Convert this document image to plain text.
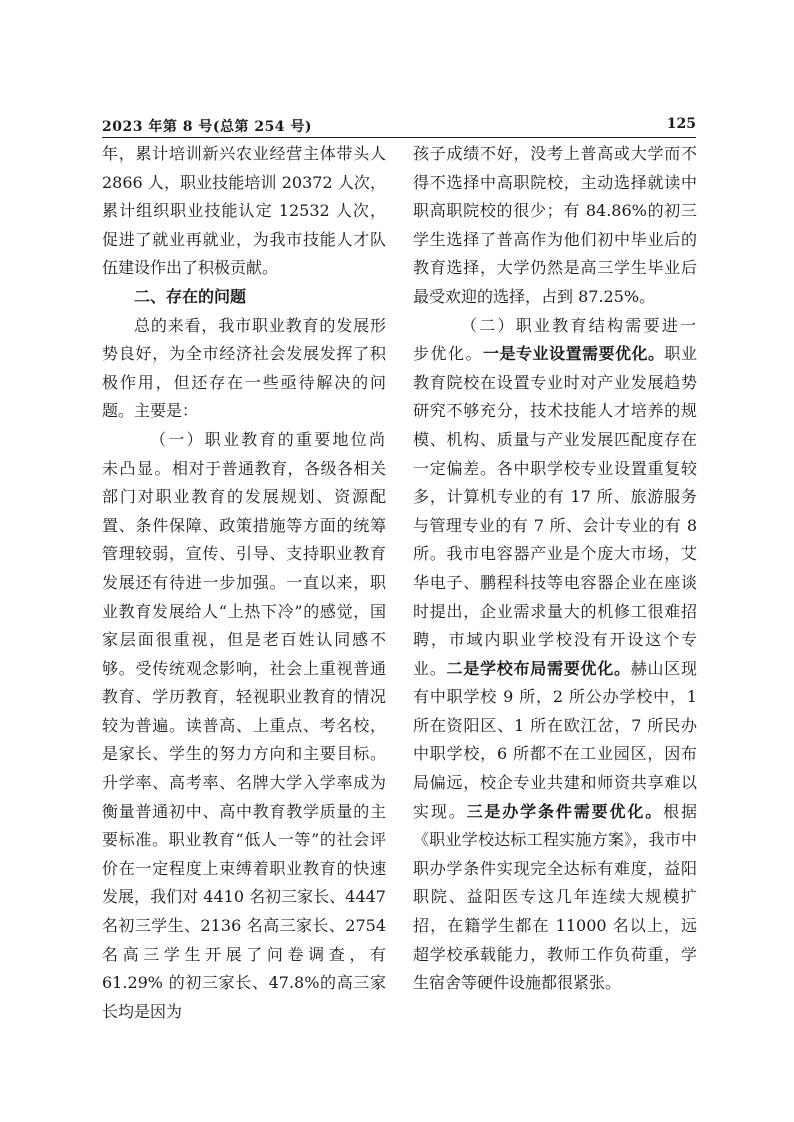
2023 年第 8 号(总第 254 号)	125

年，累计培训新兴农业经营主体带头人 2866 人，职业技能培训 20372 人次，累计组织职业技能认定 12532 人次，促进了就业再就业，为我市技能人才队伍建设作出了积极贡献。

二、存在的问题

总的来看，我市职业教育的发展形势良好，为全市经济社会发展发挥了积极作用，但还存在一些亟待解决的问题。主要是：

（一）职业教育的重要地位尚未凸显。相对于普通教育，各级各相关部门对职业教育的发展规划、资源配置、条件保障、政策措施等方面的统筹管理较弱，宣传、引导、支持职业教育发展还有待进一步加强。一直以来，职业教育发展给人“上热下冷”的感觉，国家层面很重视，但是老百姓认同感不够。受传统观念影响，社会上重视普通教育、学历教育，轻视职业教育的情况较为普遍。读普高、上重点、考名校，是家长、学生的努力方向和主要目标。升学率、高考率、名牌大学入学率成为衡量普通初中、高中教育教学质量的主要标准。职业教育“低人一等”的社会评价在一定程度上束缚着职业教育的快速发展，我们对 4410 名初三家长、4447 名初三学生、2136 名高三家长、2754 名高三学生开展了问卷调查，有 61.29% 的初三家长、47.8%的高三家长均是因为

孩子成绩不好，没考上普高或大学而不得不选择中高职院校，主动选择就读中职高职院校的很少；有 84.86%的初三学生选择了普高作为他们初中毕业后的教育选择，大学仍然是高三学生毕业后最受欢迎的选择，占到 87.25%。

（二）职业教育结构需要进一步优化。一是专业设置需要优化。职业教育院校在设置专业时对产业发展趋势研究不够充分，技术技能人才培养的规模、机构、质量与产业发展匹配度存在一定偏差。各中职学校专业设置重复较多，计算机专业的有 17 所、旅游服务与管理专业的有 7 所、会计专业的有 8 所。我市电容器产业是个庞大市场，艾华电子、鹏程科技等电容器企业在座谈时提出，企业需求量大的机修工很难招聘，市域内职业学校没有开设这个专业。二是学校布局需要优化。赫山区现有中职学校 9 所，2 所公办学校中，1 所在资阳区、1 所在欧江岔，7 所民办中职学校，6 所都不在工业园区，因布局偏远，校企专业共建和师资共享难以实现。三是办学条件需要优化。根据《职业学校达标工程实施方案》，我市中职办学条件实现完全达标有难度，益阳职院、益阳医专这几年连续大规模扩招，在籍学生都在 11000 名以上，远超学校承载能力，教师工作负荷重，学生宿舍等硬件设施都很紧张。
